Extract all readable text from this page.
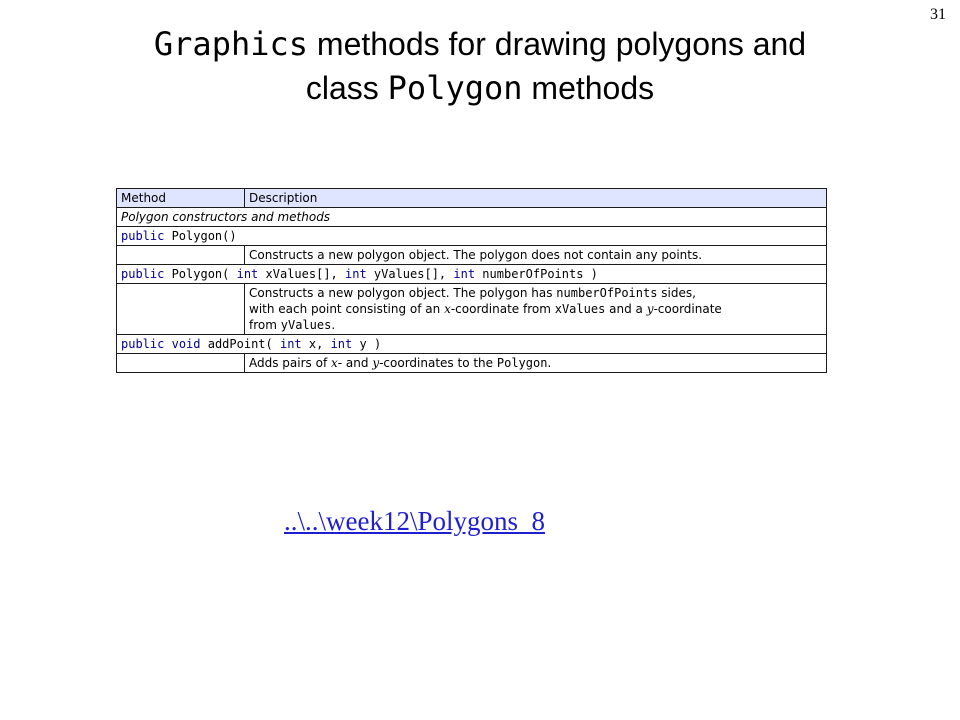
31
Graphics methods for drawing polygons and
class Polygon methods
Method	Description
Polygon constructors and methods	
public Polygon()	
	Constructs a new polygon object. The polygon does not contain any points.
public Polygon( int xValues[], int yValues[], int numberOfPoints )	

	Constructs a new polygon object. The polygon has numberOfPoints sides,
with each point consisting of an x-coordinate from xValues and a y-coordinate
from yValues.

public void addPoint( int x, int y )	
	Adds pairs of x- and y-coordinates to the Polygon.
..\..\week12\Polygons_8
